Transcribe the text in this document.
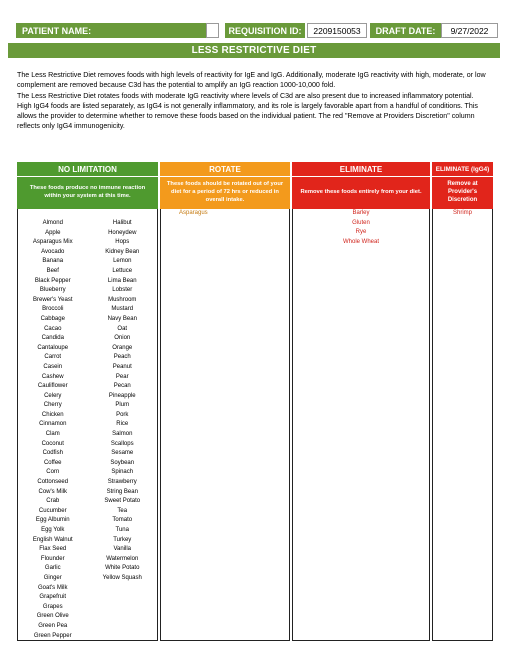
PATIENT NAME:	REQUISITION ID:	2209150053	DRAFT DATE:	9/27/2022
LESS RESTRICTIVE DIET

The Less Restrictive Diet removes foods with high levels of reactivity for IgE and IgG. Additionally, moderate IgG reactivity with high, moderate, or low complement are removed because C3d has the potential to amplify an IgG reaction 1000-10,000 fold.

The Less Restrictive Diet rotates foods with moderate IgG reactivity where levels of C3d are also present due to increased inflammatory potential.

High IgG4 foods are listed separately, as IgG4 is not generally inflammatory, and its role is largely favorable apart from a handful of conditions. This allows the provider to determine whether to remove these foods based on the individual patient. The red "Remove at Providers Discretion" column reflects only IgG4 immunogenicity.

NO LIMITATION
These foods produce no immune reaction within your system at this time.
Almond
Apple
Asparagus Mix
Avocado
Banana
Beef
Black Pepper
Blueberry
Brewer's Yeast
Broccoli
Cabbage
Cacao
Candida
Cantaloupe
Carrot
Casein
Cashew
Cauliflower
Celery
Cherry
Chicken
Cinnamon
Clam
Coconut
Codfish
Coffee
Corn
Cottonseed
Cow's Milk
Crab
Cucumber
Egg Albumin
Egg Yolk
English Walnut
Flax Seed
Flounder
Garlic
Ginger
Goat's Milk
Grapefruit
Grapes
Green Olive
Green Pea
Green Pepper
Halibut
Honeydew
Hops
Kidney Bean
Lemon
Lettuce
Lima Bean
Lobster
Mushroom
Mustard
Navy Bean
Oat
Onion
Orange
Peach
Peanut
Pear
Pecan
Pineapple
Plum
Pork
Rice
Salmon
Scallops
Sesame
Soybean
Spinach
Strawberry
String Bean
Sweet Potato
Tea
Tomato
Tuna
Turkey
Vanilla
Watermelon
White Potato
Yellow Squash
ROTATE
These foods should be rotated out of your diet for a period of 72 hrs or reduced in overall intake.
Asparagus
ELIMINATE
Remove these foods entirely from your diet.
Barley
Gluten
Rye
Whole Wheat
ELIMINATE (IgG4)
Remove at Provider's Discretion
Shrimp
